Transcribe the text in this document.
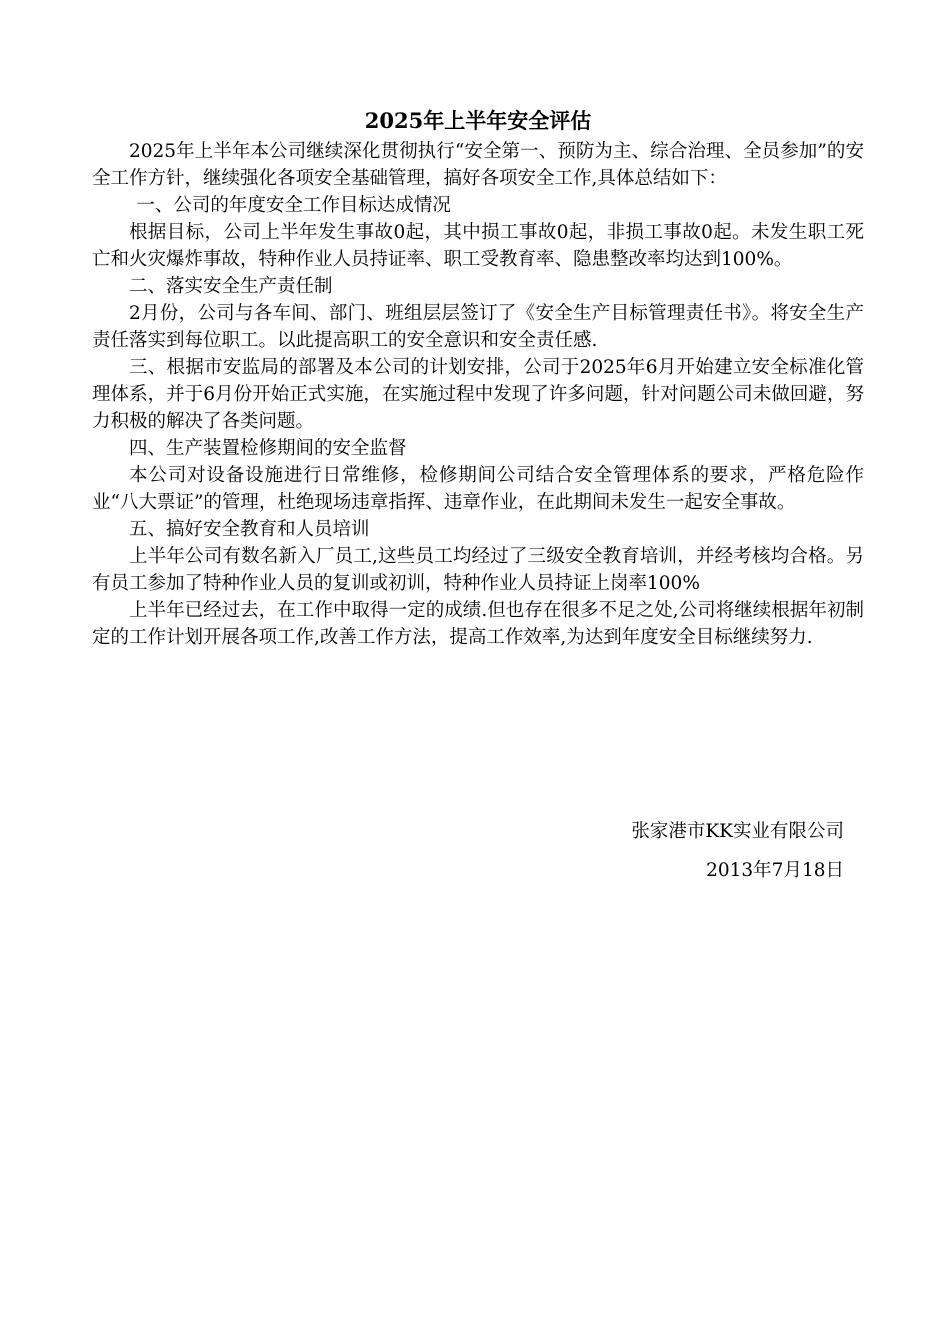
2025年上半年安全评估

2025年上半年本公司继续深化贯彻执行“安全第一、预防为主、综合治理、全员参加”的安全工作方针，继续强化各项安全基础管理，搞好各项安全工作,具体总结如下：

一、公司的年度安全工作目标达成情况

根据目标，公司上半年发生事故0起，其中损工事故0起，非损工事故0起。未发生职工死亡和火灾爆炸事故，特种作业人员持证率、职工受教育率、隐患整改率均达到100%。

二、落实安全生产责任制

2月份，公司与各车间、部门、班组层层签订了《安全生产目标管理责任书》。将安全生产责任落实到每位职工。以此提高职工的安全意识和安全责任感.

三、根据市安监局的部署及本公司的计划安排，公司于2025年6月开始建立安全标准化管理体系，并于6月份开始正式实施，在实施过程中发现了许多问题，针对问题公司未做回避，努力积极的解决了各类问题。

四、生产装置检修期间的安全监督

本公司对设备设施进行日常维修，检修期间公司结合安全管理体系的要求，严格危险作业“八大票证”的管理，杜绝现场违章指挥、违章作业，在此期间未发生一起安全事故。

五、搞好安全教育和人员培训

上半年公司有数名新入厂员工,这些员工均经过了三级安全教育培训，并经考核均合格。另有员工参加了特种作业人员的复训或初训，特种作业人员持证上岗率100%

上半年已经过去，在工作中取得一定的成绩.但也存在很多不足之处,公司将继续根据年初制定的工作计划开展各项工作,改善工作方法，提高工作效率,为达到年度安全目标继续努力.

张家港市KK实业有限公司
2013年7月18日
